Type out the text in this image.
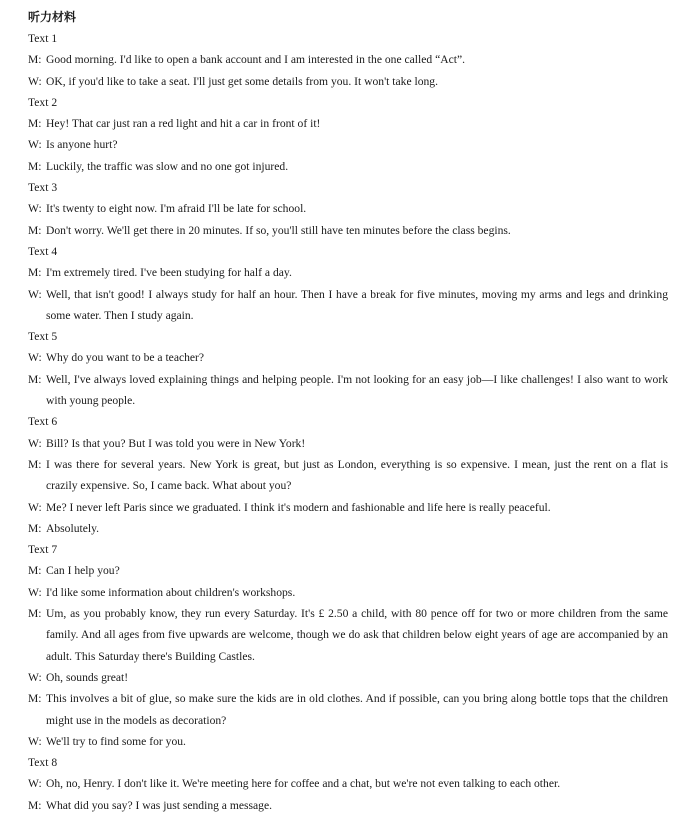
听力材料
Text 1
M: Good morning. I'd like to open a bank account and I am interested in the one called “Act”.
W: OK, if you'd like to take a seat. I'll just get some details from you. It won't take long.
Text 2
M: Hey! That car just ran a red light and hit a car in front of it!
W: Is anyone hurt?
M: Luckily, the traffic was slow and no one got injured.
Text 3
W: It's twenty to eight now. I'm afraid I'll be late for school.
M: Don't worry. We'll get there in 20 minutes. If so, you'll still have ten minutes before the class begins.
Text 4
M: I'm extremely tired. I've been studying for half a day.
W: Well, that isn't good! I always study for half an hour. Then I have a break for five minutes, moving my arms and legs and drinking some water. Then I study again.
Text 5
W: Why do you want to be a teacher?
M: Well, I've always loved explaining things and helping people. I'm not looking for an easy job—I like challenges! I also want to work with young people.
Text 6
W: Bill? Is that you? But I was told you were in New York!
M: I was there for several years. New York is great, but just as London, everything is so expensive. I mean, just the rent on a flat is crazily expensive. So, I came back. What about you?
W: Me? I never left Paris since we graduated. I think it's modern and fashionable and life here is really peaceful.
M: Absolutely.
Text 7
M: Can I help you?
W: I'd like some information about children's workshops.
M: Um, as you probably know, they run every Saturday. It's £ 2.50 a child, with 80 pence off for two or more children from the same family. And all ages from five upwards are welcome, though we do ask that children below eight years of age are accompanied by an adult. This Saturday there's Building Castles.
W: Oh, sounds great!
M: This involves a bit of glue, so make sure the kids are in old clothes. And if possible, can you bring along bottle tops that the children might use in the models as decoration?
W: We'll try to find some for you.
Text 8
W: Oh, no, Henry. I don't like it. We're meeting here for coffee and a chat, but we're not even talking to each other.
M: What did you say? I was just sending a message.
